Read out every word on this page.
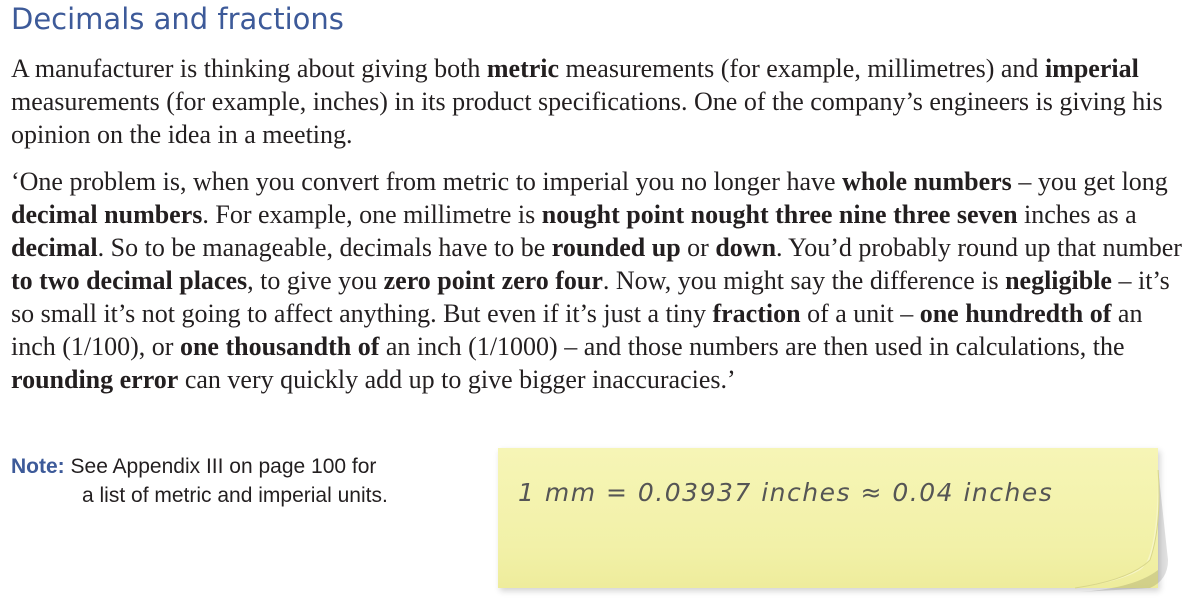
Decimals and fractions

A manufacturer is thinking about giving both metric measurements (for example, millimetres) and imperial measurements (for example, inches) in its product specifications. One of the company’s engineers is giving his opinion on the idea in a meeting.

‘One problem is, when you convert from metric to imperial you no longer have whole numbers – you get long decimal numbers. For example, one millimetre is nought point nought three nine three seven inches as a decimal. So to be manageable, decimals have to be rounded up or down. You’d probably round up that number to two decimal places, to give you zero point zero four. Now, you might say the difference is negligible – it’s so small it’s not going to affect anything. But even if it’s just a tiny fraction of a unit – one hundredth of an inch (1/100), or one thousandth of an inch (1/1000) – and those numbers are then used in calculations, the rounding error can very quickly add up to give bigger inaccuracies.’

Note: See Appendix III on page 100 for
a list of metric and imperial units.	1 mm = 0.03937 inches ≈ 0.04 inches
